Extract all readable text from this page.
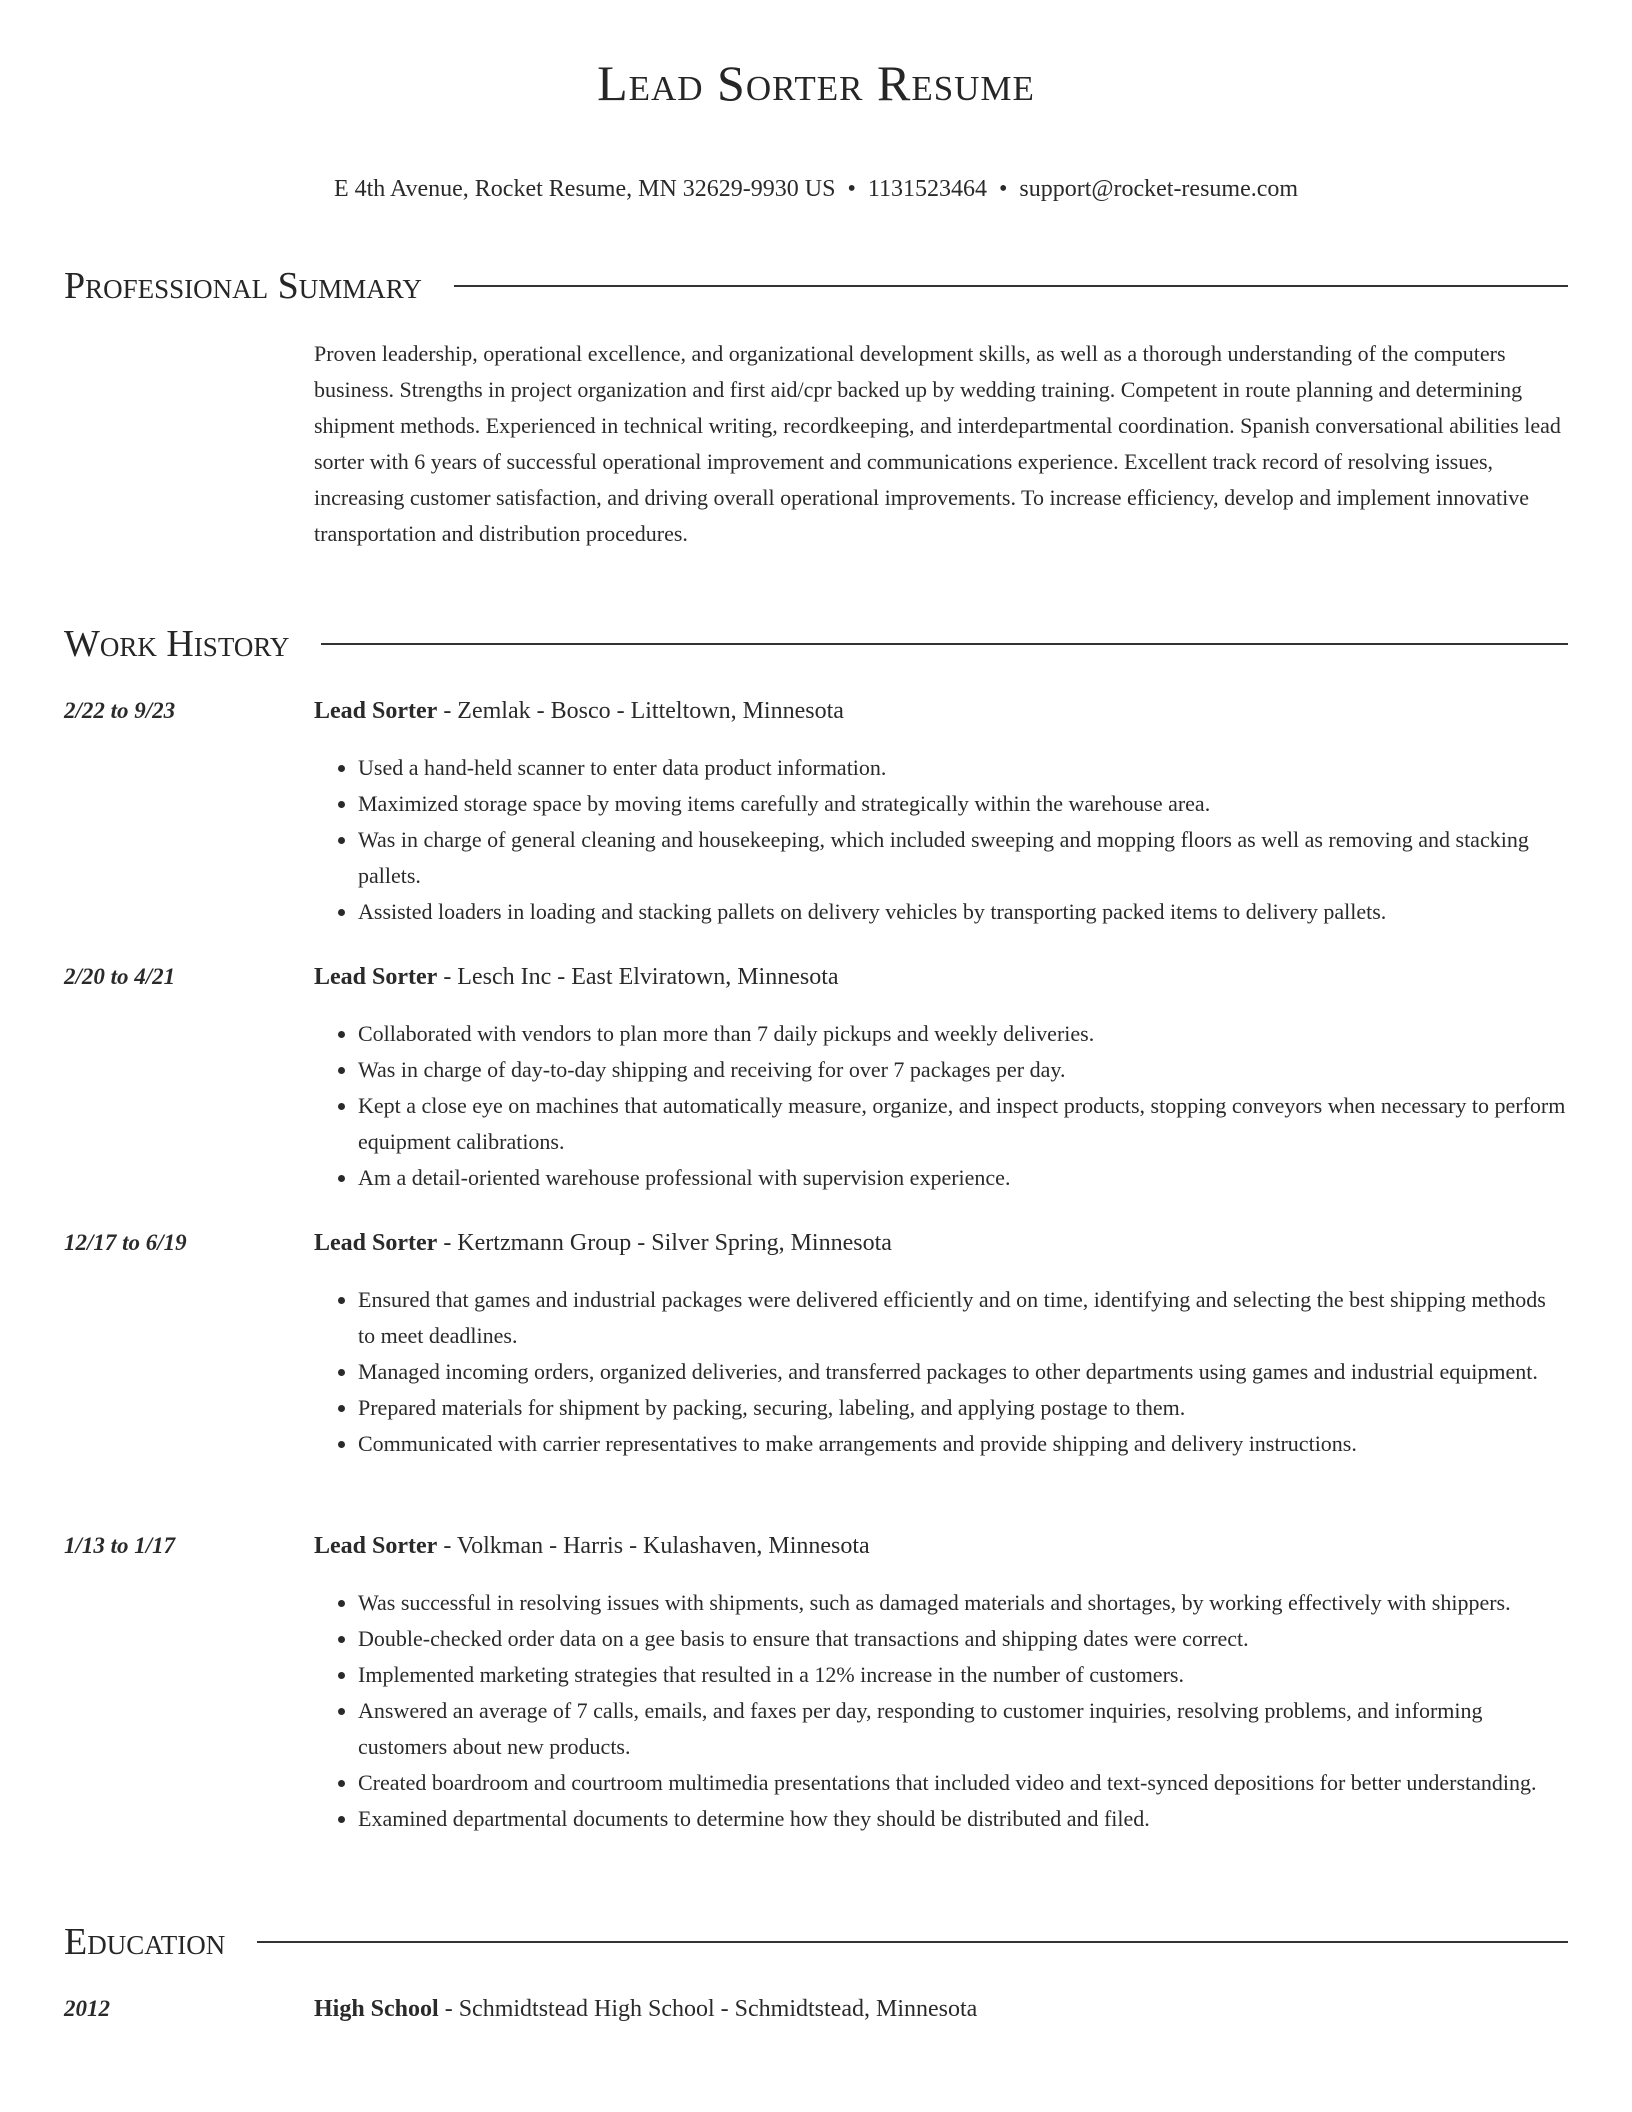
Lead Sorter Resume
E 4th Avenue, Rocket Resume, MN 32629-9930 US • 1131523464 • support@rocket-resume.com
Professional Summary
Proven leadership, operational excellence, and organizational development skills, as well as a thorough understanding of the computers business. Strengths in project organization and first aid/cpr backed up by wedding training. Competent in route planning and determining shipment methods. Experienced in technical writing, recordkeeping, and interdepartmental coordination. Spanish conversational abilities lead sorter with 6 years of successful operational improvement and communications experience. Excellent track record of resolving issues, increasing customer satisfaction, and driving overall operational improvements. To increase efficiency, develop and implement innovative transportation and distribution procedures.
Work History
2/22 to 9/23	Lead Sorter - Zemlak - Bosco - Litteltown, Minnesota
• Used a hand-held scanner to enter data product information.
• Maximized storage space by moving items carefully and strategically within the warehouse area.
• Was in charge of general cleaning and housekeeping, which included sweeping and mopping floors as well as removing and stacking pallets.
• Assisted loaders in loading and stacking pallets on delivery vehicles by transporting packed items to delivery pallets.
2/20 to 4/21	Lead Sorter - Lesch Inc - East Elviratown, Minnesota
• Collaborated with vendors to plan more than 7 daily pickups and weekly deliveries.
• Was in charge of day-to-day shipping and receiving for over 7 packages per day.
• Kept a close eye on machines that automatically measure, organize, and inspect products, stopping conveyors when necessary to perform equipment calibrations.
• Am a detail-oriented warehouse professional with supervision experience.
12/17 to 6/19	Lead Sorter - Kertzmann Group - Silver Spring, Minnesota
• Ensured that games and industrial packages were delivered efficiently and on time, identifying and selecting the best shipping methods to meet deadlines.
• Managed incoming orders, organized deliveries, and transferred packages to other departments using games and industrial equipment.
• Prepared materials for shipment by packing, securing, labeling, and applying postage to them.
• Communicated with carrier representatives to make arrangements and provide shipping and delivery instructions.
1/13 to 1/17	Lead Sorter - Volkman - Harris - Kulashaven, Minnesota
• Was successful in resolving issues with shipments, such as damaged materials and shortages, by working effectively with shippers.
• Double-checked order data on a gee basis to ensure that transactions and shipping dates were correct.
• Implemented marketing strategies that resulted in a 12% increase in the number of customers.
• Answered an average of 7 calls, emails, and faxes per day, responding to customer inquiries, resolving problems, and informing customers about new products.
• Created boardroom and courtroom multimedia presentations that included video and text-synced depositions for better understanding.
• Examined departmental documents to determine how they should be distributed and filed.
Education
2012	High School - Schmidtstead High School - Schmidtstead, Minnesota
